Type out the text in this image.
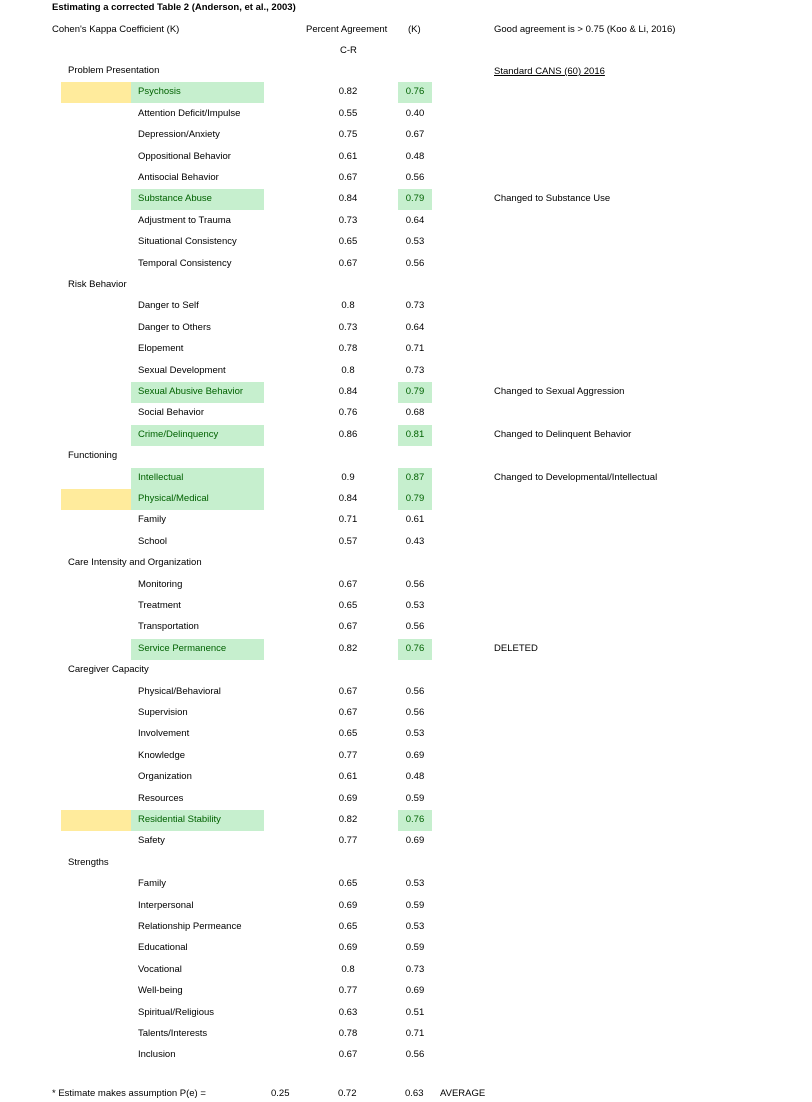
Estimating a corrected Table 2 (Anderson, et al., 2003)
Cohen's Kappa Coefficient (K)	Percent Agreement (K)	Good agreement is > 0.75 (Koo & Li, 2016)
C-R
Standard CANS (60) 2016
Problem Presentation
Psychosis	0.82	0.76
Attention Deficit/Impulse	0.55	0.40
Depression/Anxiety	0.75	0.67
Oppositional Behavior	0.61	0.48
Antisocial Behavior	0.67	0.56
Substance Abuse	0.84	0.79	Changed to Substance Use
Adjustment to Trauma	0.73	0.64
Situational Consistency	0.65	0.53
Temporal Consistency	0.67	0.56
Risk Behavior
Danger to Self	0.8	0.73
Danger to Others	0.73	0.64
Elopement	0.78	0.71
Sexual Development	0.8	0.73
Sexual Abusive Behavior	0.84	0.79	Changed to Sexual Aggression
Social Behavior	0.76	0.68
Crime/Delinquency	0.86	0.81	Changed to Delinquent Behavior
Functioning
Intellectual	0.9	0.87	Changed to Developmental/Intellectual
Physical/Medical	0.84	0.79
Family	0.71	0.61
School	0.57	0.43
Care Intensity and Organization
Monitoring	0.67	0.56
Treatment	0.65	0.53
Transportation	0.67	0.56
Service Permanence	0.82	0.76	DELETED
Caregiver Capacity
Physical/Behavioral	0.67	0.56
Supervision	0.67	0.56
Involvement	0.65	0.53
Knowledge	0.77	0.69
Organization	0.61	0.48
Resources	0.69	0.59
Residential Stability	0.82	0.76
Safety	0.77	0.69
Strengths
Family	0.65	0.53
Interpersonal	0.69	0.59
Relationship Permeance	0.65	0.53
Educational	0.69	0.59
Vocational	0.8	0.73
Well-being	0.77	0.69
Spiritual/Religious	0.63	0.51
Talents/Interests	0.78	0.71
Inclusion	0.67	0.56
* Estimate makes assumption P(e) =	0.25	0.72	0.63 AVERAGE
